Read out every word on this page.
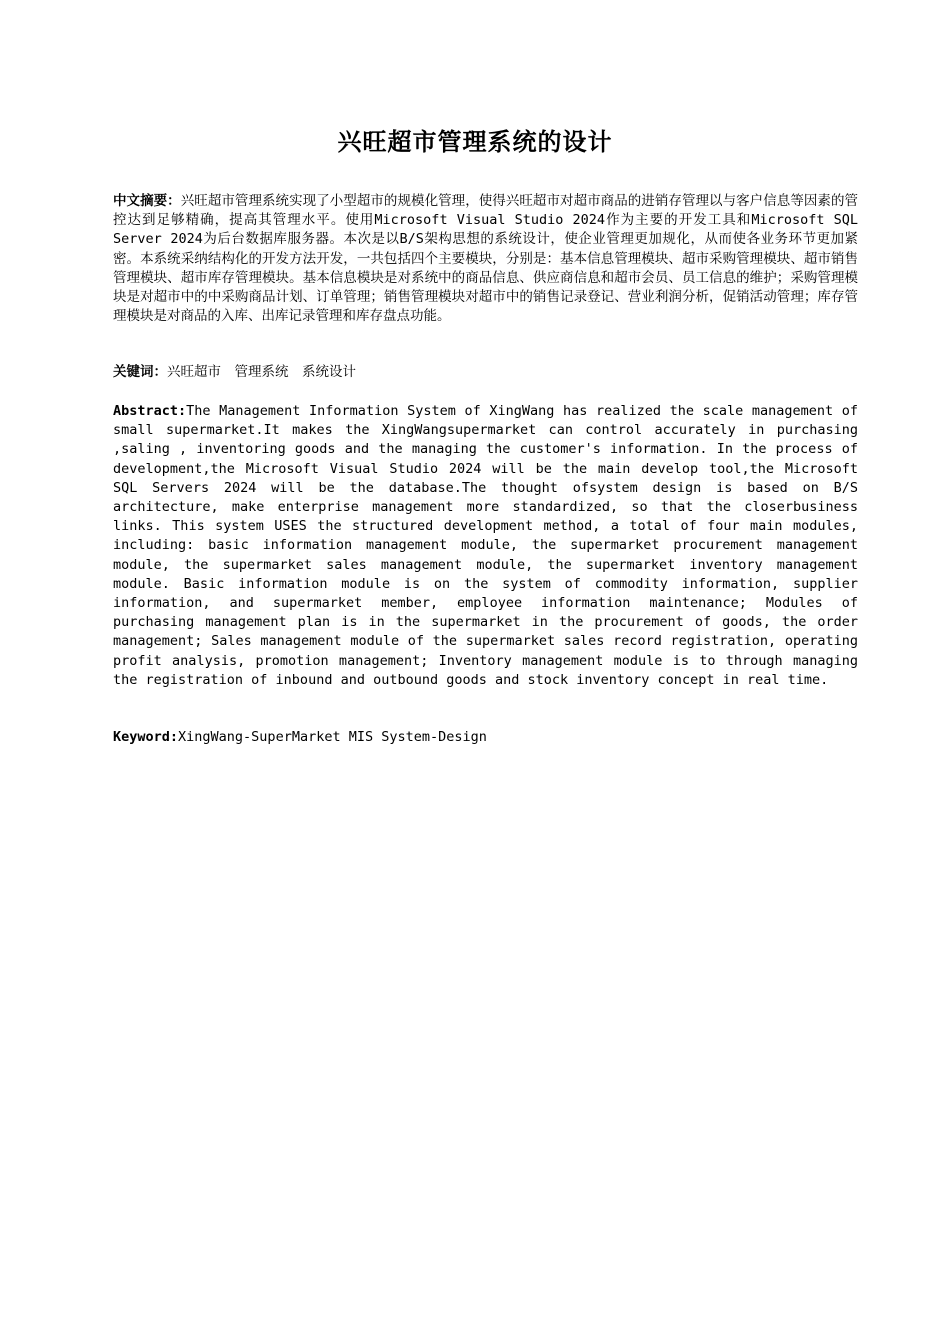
兴旺超市管理系统的设计

中文摘要：兴旺超市管理系统实现了小型超市的规模化管理，使得兴旺超市对超市商品的进销存管理以与客户信息等因素的管控达到足够精确，提高其管理水平。使用Microsoft Visual Studio 2024作为主要的开发工具和Microsoft SQL Server 2024为后台数据库服务器。本次是以B/S架构思想的系统设计，使企业管理更加规化，从而使各业务环节更加紧密。本系统采纳结构化的开发方法开发，一共包括四个主要模块，分别是：基本信息管理模块、超市采购管理模块、超市销售管理模块、超市库存管理模块。基本信息模块是对系统中的商品信息、供应商信息和超市会员、员工信息的维护；采购管理模块是对超市中的中采购商品计划、订单管理；销售管理模块对超市中的销售记录登记、营业利润分析，促销活动管理；库存管理模块是对商品的入库、出库记录管理和库存盘点功能。

关键词：兴旺超市　管理系统　系统设计

Abstract:The Management Information System of XingWang has realized the scale management of small supermarket.It makes the XingWangsupermarket can control accurately in purchasing ,saling , inventoring goods and the managing the customer's information. In the process of development,the Microsoft Visual Studio 2024 will be the main develop tool,the Microsoft SQL Servers 2024 will be the database.The thought ofsystem design is based on B/S architecture, make enterprise management more standardized, so that the closerbusiness links. This system USES the structured development method, a total of four main modules, including: basic information management module, the supermarket procurement management module, the supermarket sales management module, the supermarket inventory management module. Basic information module is on the system of commodity information, supplier information, and supermarket member, employee information maintenance; Modules of purchasing management plan is in the supermarket in the procurement of goods, the order management; Sales management module of the supermarket sales record registration, operating profit analysis, promotion management; Inventory management module is to through managing the registration of inbound and outbound goods and stock inventory concept in real time.

Keyword:XingWang-SuperMarket MIS System-Design
